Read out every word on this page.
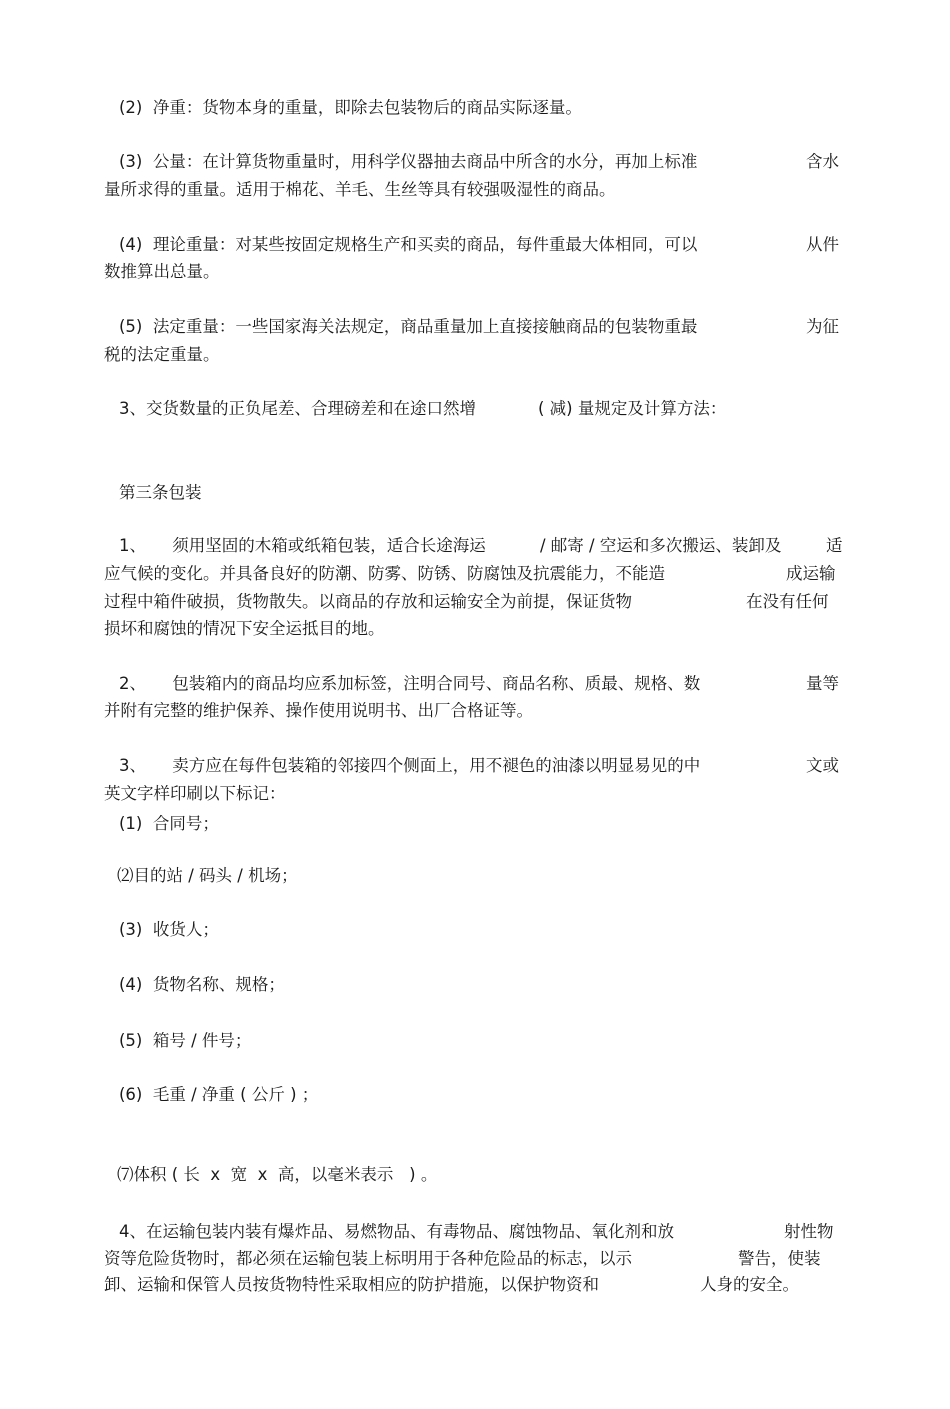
(2)  净重：货物本身的重量，即除去包装物后的商品实际逐量。
(3)  公量：在计算货物重量时，用科学仪器抽去商品中所含的水分，再加上标准	含水
量所求得的重量。适用于棉花、羊毛、生丝等具有较强吸湿性的商品。
(4)  理论重量：对某些按固定规格生产和买卖的商品，每件重最大体相同，可以	从件
数推算出总量。
(5)  法定重量：一些国家海关法规定，商品重量加上直接接触商品的包装物重最	为征
税的法定重量。
3、交货数量的正负尾差、合理磅差和在途口然增	( 减) 量规定及计算方法：
第三条包装
1、     须用坚固的木箱或纸箱包装，适合长途海运	/ 邮寄 / 空运和多次搬运、装卸及	适
应气候的变化。并具备良好的防潮、防雾、防锈、防腐蚀及抗震能力，不能造	成运输
过程中箱件破损，货物散失。以商品的存放和运输安全为前提，保证货物	在没有任何
损坏和腐蚀的情况下安全运抵目的地。
2、     包装箱内的商品均应系加标签，注明合同号、商品名称、质最、规格、数	量等
并附有完整的维护保养、操作使用说明书、出厂合格证等。
3、     卖方应在每件包装箱的邻接四个侧面上，用不褪色的油漆以明显易见的中	文或
英文字样印刷以下标记：
(1)  合同号；
⑵目的站 / 码头 / 机场；
(3)  收货人；
(4)  货物名称、规格；
(5)  箱号 / 件号；
(6)  毛重 / 净重 ( 公斤 ) ；
⑺体积 ( 长  x  宽  x  高，以毫米表示   ) 。
4、在运输包装内装有爆炸品、易燃物品、有毒物品、腐蚀物品、氧化剂和放	射性物
资等危险货物时，都必须在运输包装上标明用于各种危险品的标志，以示	警告，使装
卸、运输和保管人员按货物特性采取相应的防护措施，以保护物资和	人身的安全。
